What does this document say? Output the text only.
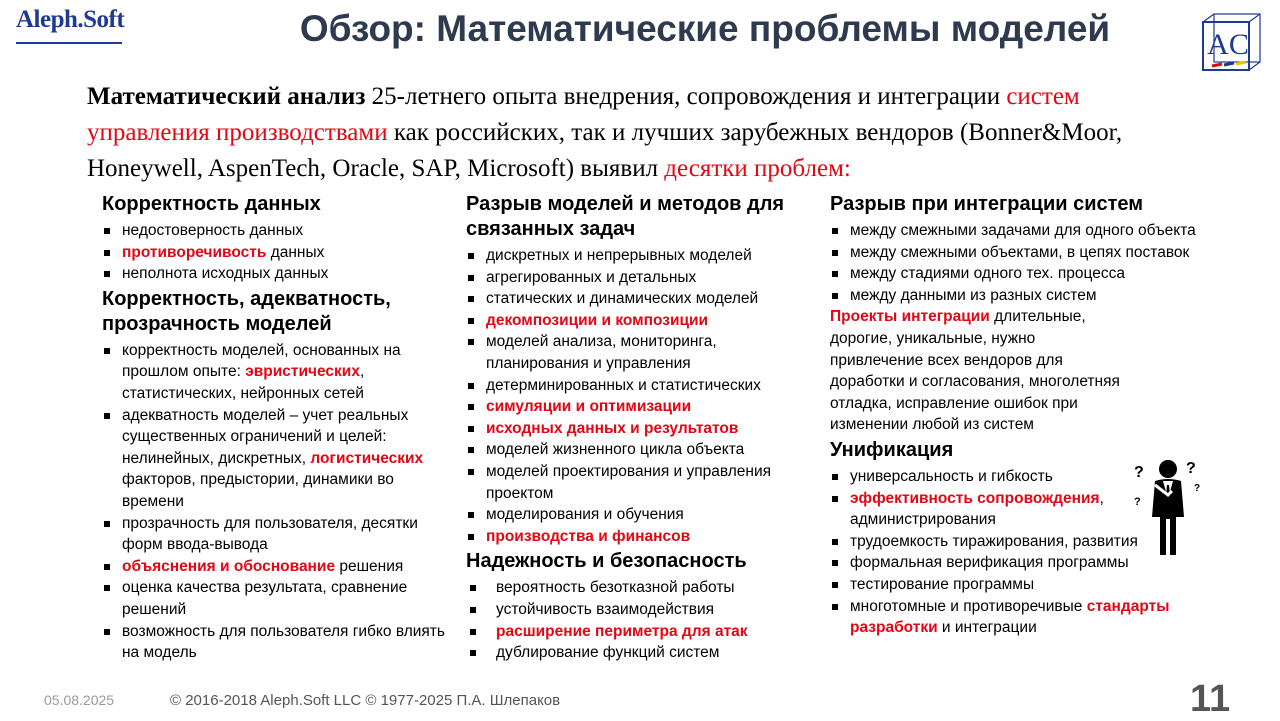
Aleph.Soft	Обзор: Математические проблемы моделей	AC
Математический анализ 25-летнего опыта внедрения, сопровождения и интеграции систем управления производствами как российских, так и лучших зарубежных вендоров (Bonner&Moor, Honeywell, AspenTech, Oracle, SAP, Microsoft) выявил десятки проблем:
Корректность данных
недостоверность данных
противоречивость данных
неполнота исходных данных
Корректность, адекватность, прозрачность моделей
корректность моделей, основанных на прошлом опыте: эвристических, статистических, нейронных сетей
адекватность моделей – учет реальных существенных ограничений и целей: нелинейных, дискретных, логистических факторов, предыстории, динамики во времени
прозрачность для пользователя, десятки форм ввода-вывода
объяснения и обоснование решения
оценка качества результата, сравнение решений
возможность для пользователя гибко влиять на модель
Разрыв моделей и методов для связанных задач
дискретных и непрерывных моделей
агрегированных и детальных
статических и динамических моделей
декомпозиции и композиции
моделей анализа, мониторинга, планирования и управления
детерминированных и статистических
симуляции и оптимизации
исходных данных и результатов
моделей жизненного цикла объекта
моделей проектирования и управления проектом
моделирования и обучения
производства и финансов
Надежность и безопасность
вероятность безотказной работы
устойчивость взаимодействия
расширение периметра для атак
дублирование функций систем
Разрыв при интеграции систем
между смежными задачами для одного объекта
между смежными объектами, в цепях поставок
между стадиями одного тех. процесса
между данными из разных систем
Проекты интеграции длительные, дорогие, уникальные, нужно привлечение всех вендоров для доработки и согласования, многолетняя отладка, исправление ошибок при изменении любой из систем
Унификация
универсальность и гибкость
эффективность сопровождения, администрирования
трудоемкость тиражирования, развития
формальная верификация программы
тестирование программы
многотомные и противоречивые стандарты разработки и интеграции
?	?
?
?
05.08.2025	© 2016-2018 Aleph.Soft LLC © 1977-2025 П.А. Шлепаков	11
